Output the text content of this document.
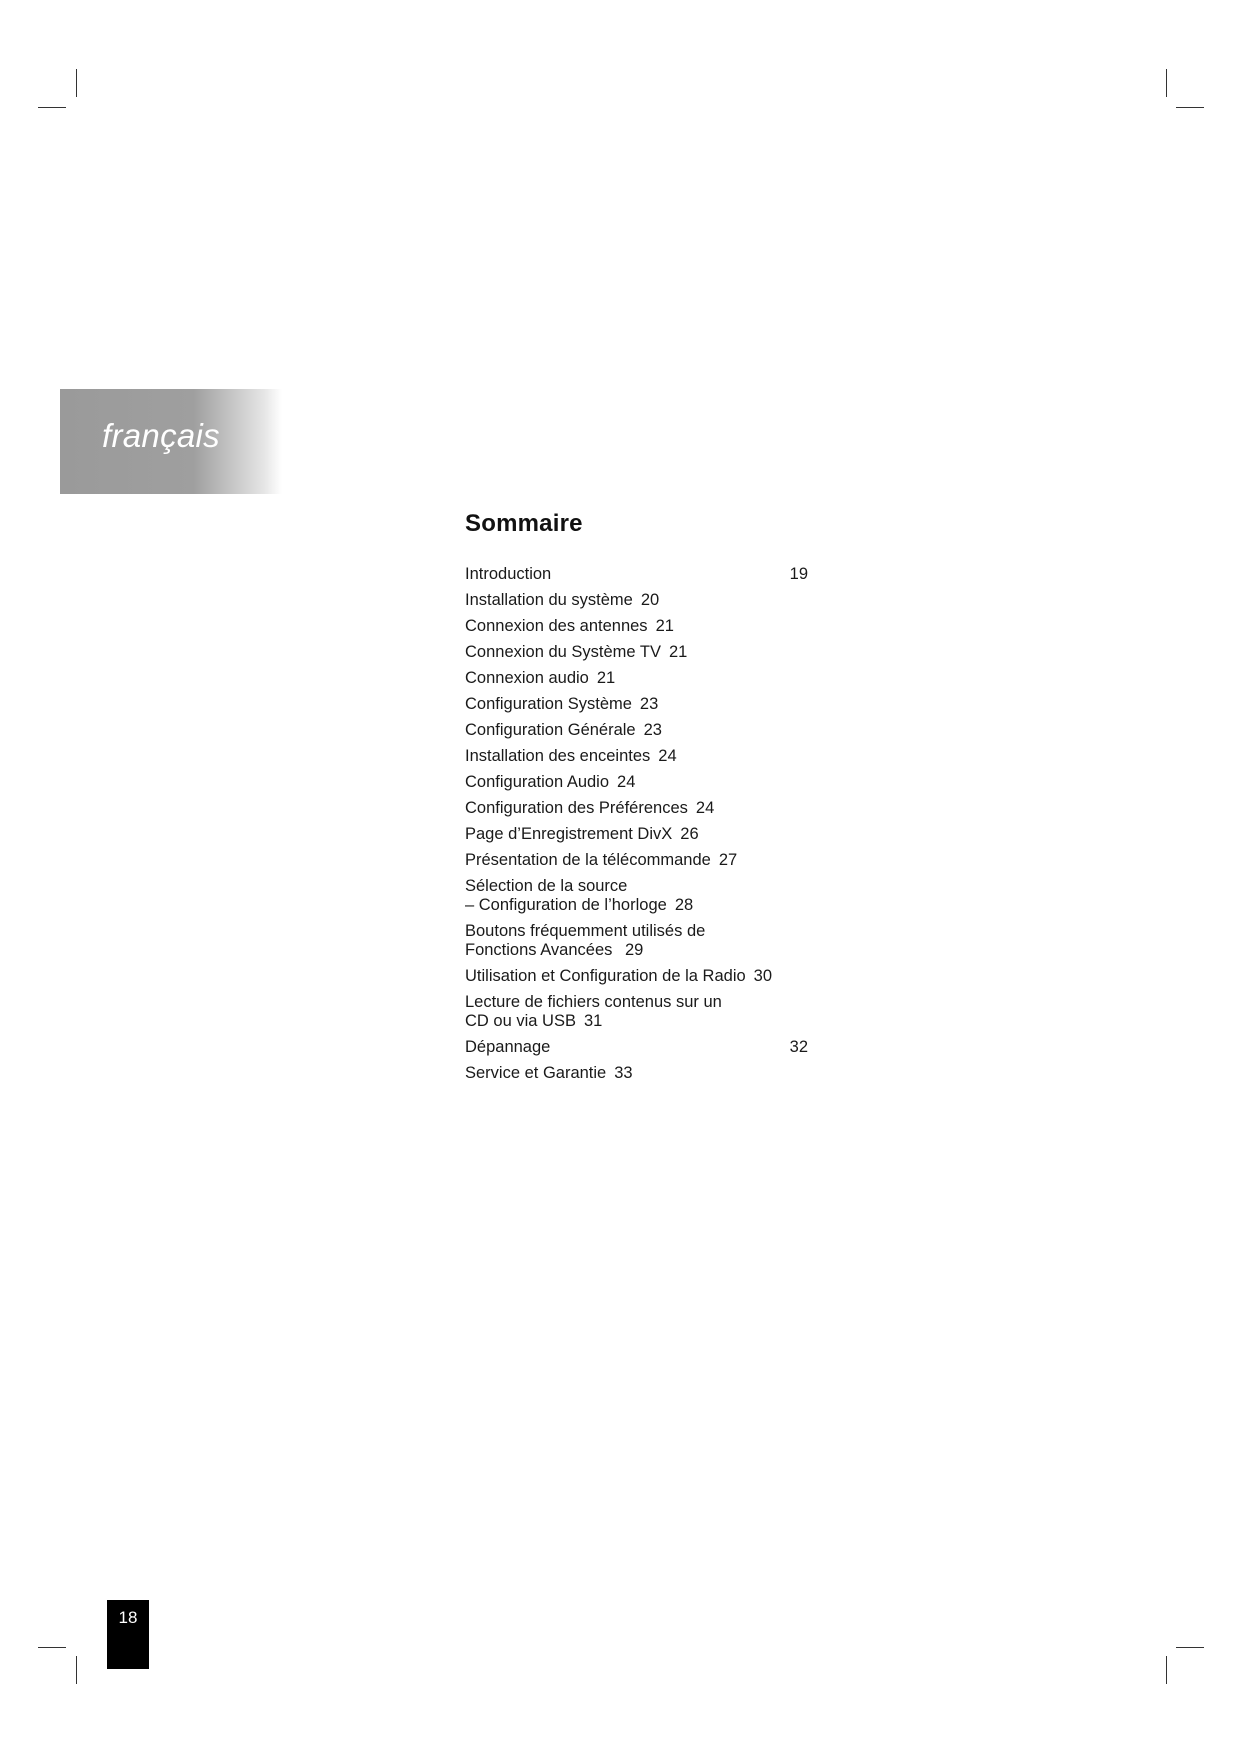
français
Sommaire
Introduction	19
Installation du système 20
Connexion des antennes 21
Connexion du Système TV 21
Connexion audio 21
Configuration Système 23
Configuration Générale 23
Installation des enceintes 24
Configuration Audio 24
Configuration des Préférences 24
Page d’Enregistrement DivX 26
Présentation de la télécommande 27
Sélection de la source
– Configuration de l’horloge 28
Boutons fréquemment utilisés de
Fonctions Avancées 29
Utilisation et Configuration de la Radio 30
Lecture de fichiers contenus sur un
CD ou via USB 31
Dépannage	32
Service et Garantie 33
18
